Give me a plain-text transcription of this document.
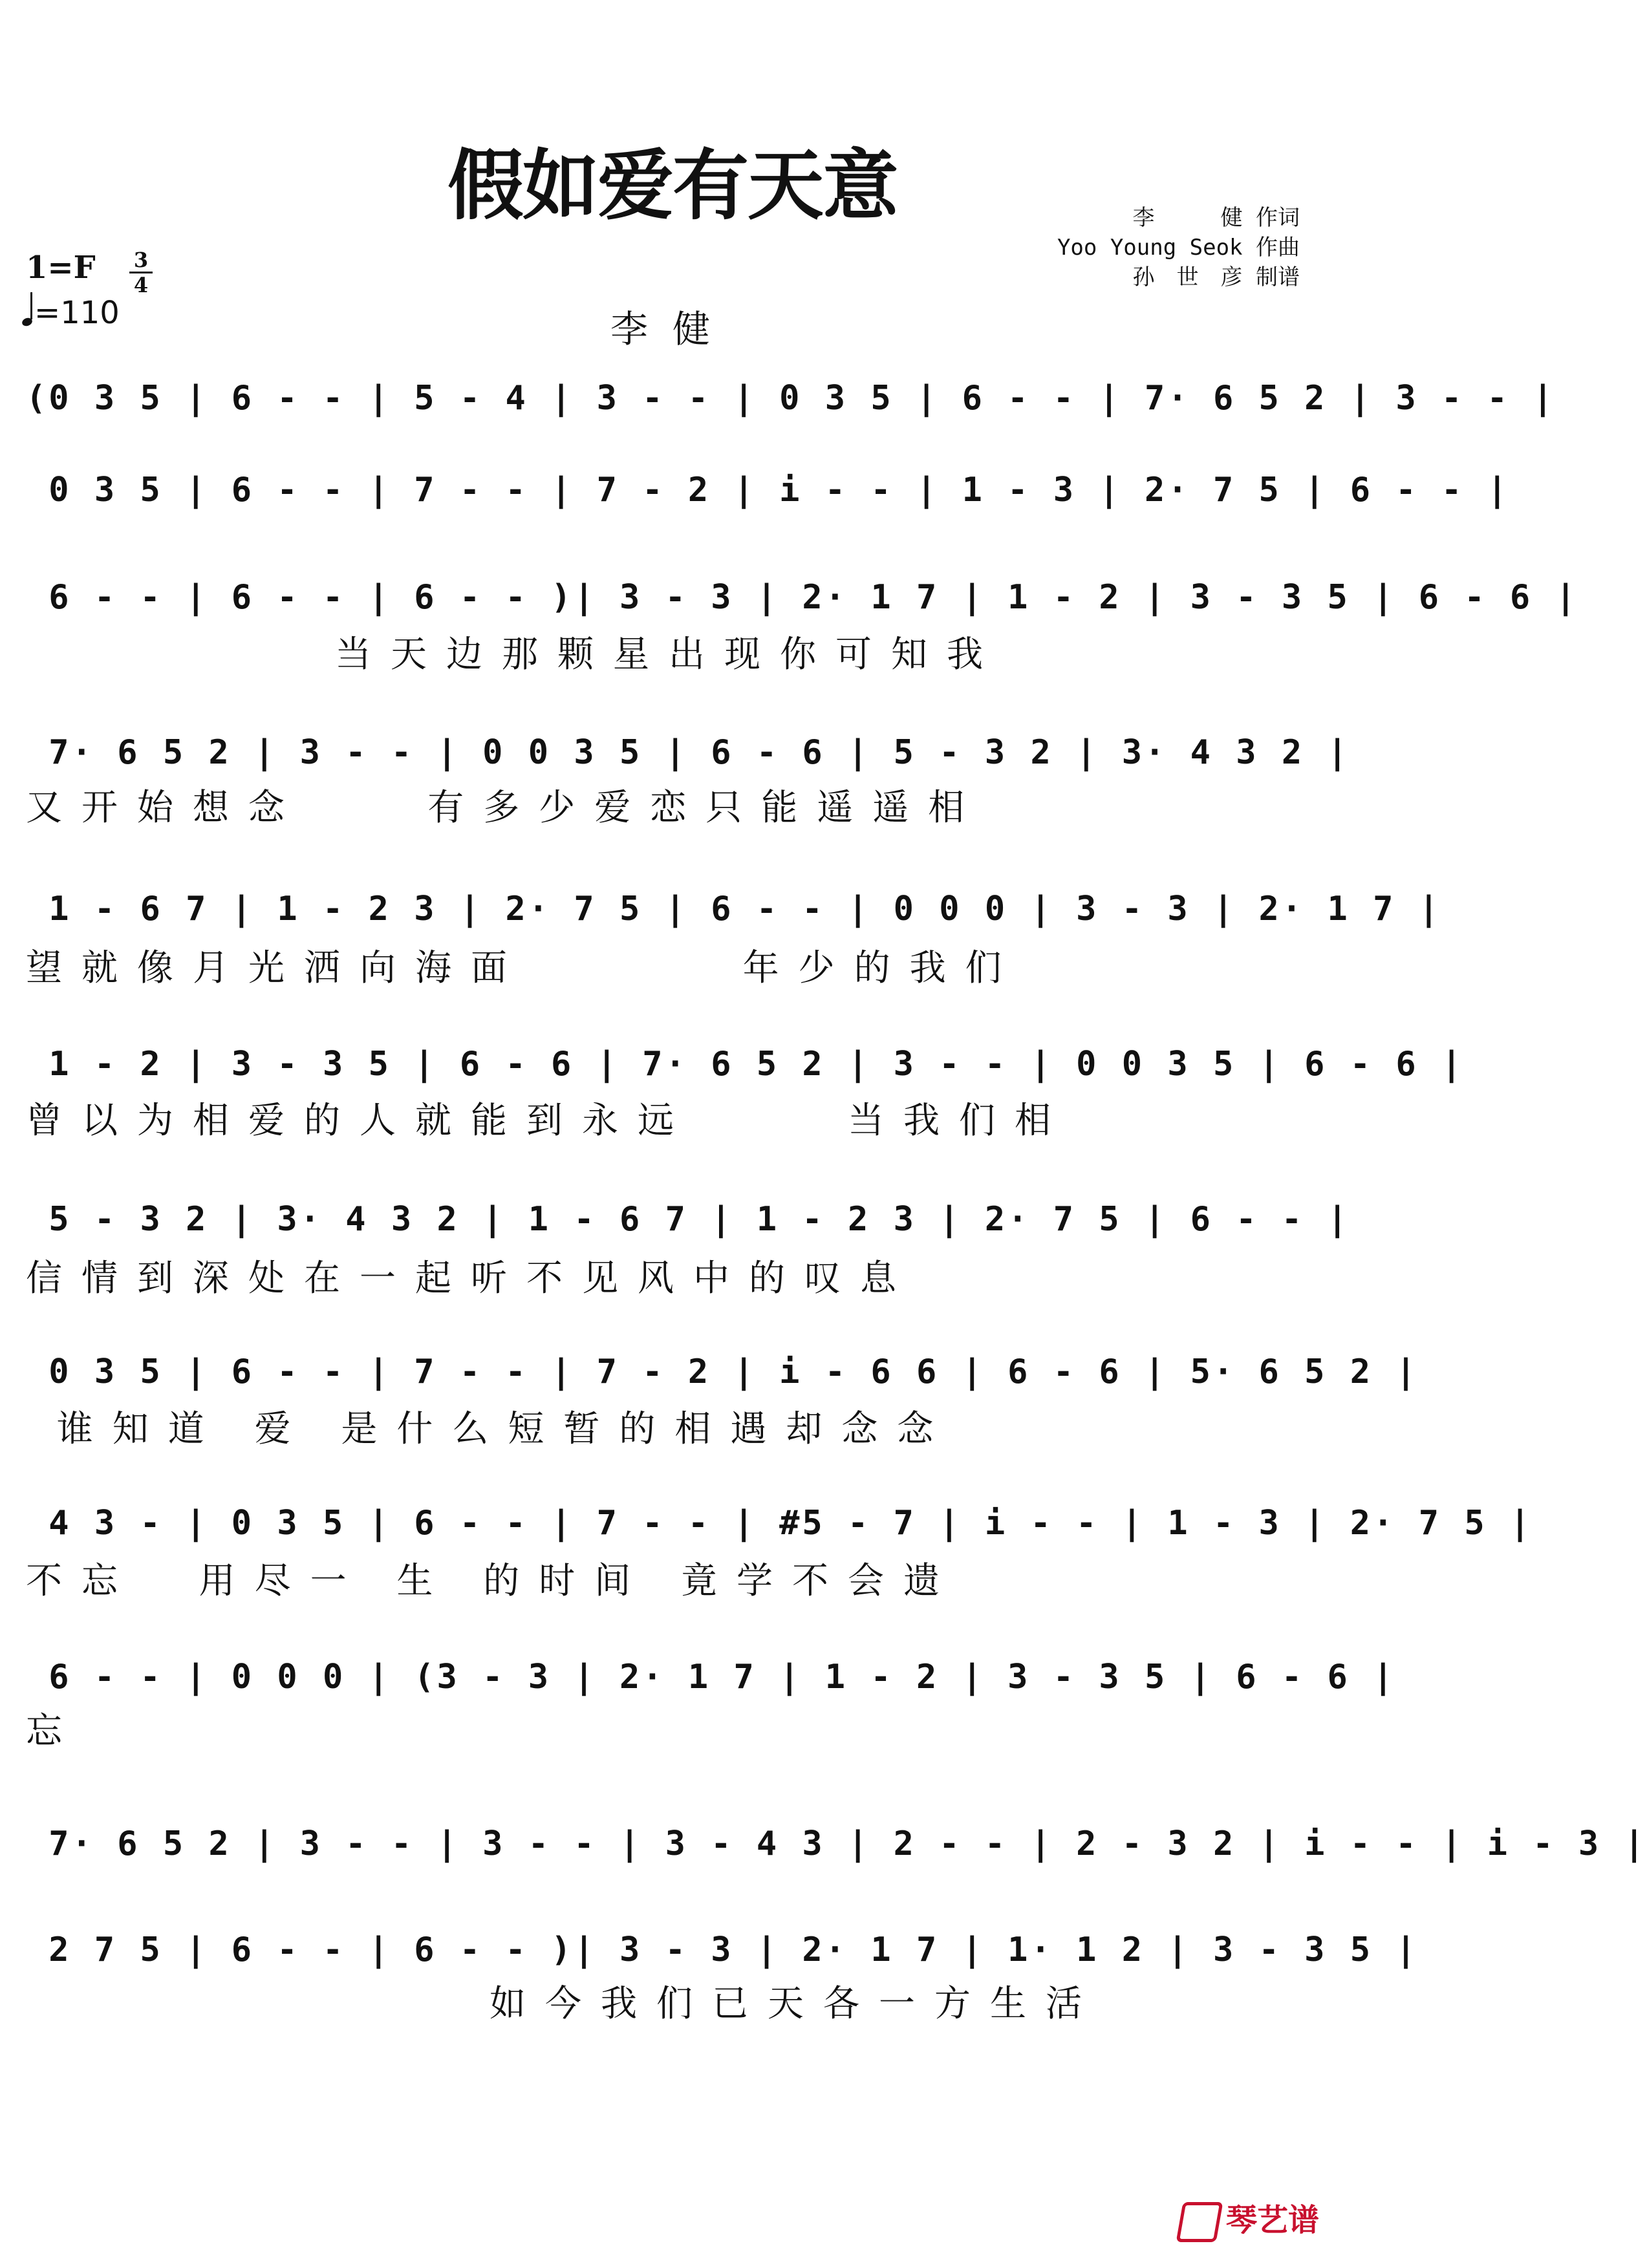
假如爱有天意	李　　　健 作词
Yoo Young Seok 作曲
孙　世　彦 制谱
1=F 3
4
=110	李健
(0 3 5 | 6 - - | 5 - 4 | 3 - - | 0 3 5 | 6 - - | 7· 6 5 2 | 3 - - |
0 3 5 | 6 - - | 7 - - | 7 - 2 | i - - | 1 - 3 | 2· 7 5 | 6 - - |
6 - - | 6 - - | 6 - - )| 3 - 3 | 2· 1 7 | 1 - 2 | 3 - 3 5 | 6 - 6 |
当天边那颗星出现你可知我
7· 6 5 2 | 3 - - | 0 0 3 5 | 6 - 6 | 5 - 3 2 | 3· 4 3 2 |
又开始想念    有多少爱恋只能遥遥相
1 - 6 7 | 1 - 2 3 | 2· 7 5 | 6 - - | 0 0 0 | 3 - 3 | 2· 1 7 |
望就像月光洒向海面       年少的我们
1 - 2 | 3 - 3 5 | 6 - 6 | 7· 6 5 2 | 3 - - | 0 0 3 5 | 6 - 6 |
曾以为相爱的人就能到永远     当我们相
5 - 3 2 | 3· 4 3 2 | 1 - 6 7 | 1 - 2 3 | 2· 7 5 | 6 - - |
信情到深处在一起听不见风中的叹息
0 3 5 | 6 - - | 7 - - | 7 - 2 | i - 6 6 | 6 - 6 | 5· 6 5 2 |
谁知道 爱 是什么短暂的相遇却念念
4 3 - | 0 3 5 | 6 - - | 7 - - | #5 - 7 | i - - | 1 - 3 | 2· 7 5 |
不忘  用尽一 生 的时间 竟学不会遗
6 - - | 0 0 0 | (3 - 3 | 2· 1 7 | 1 - 2 | 3 - 3 5 | 6 - 6 |
忘
7· 6 5 2 | 3 - - | 3 - - | 3 - 4 3 | 2 - - | 2 - 3 2 | i - - | i - 3 |
2 7 5 | 6 - - | 6 - - )| 3 - 3 | 2· 1 7 | 1· 1 2 | 3 - 3 5 |
如今我们已天各一方生活
琴艺谱
